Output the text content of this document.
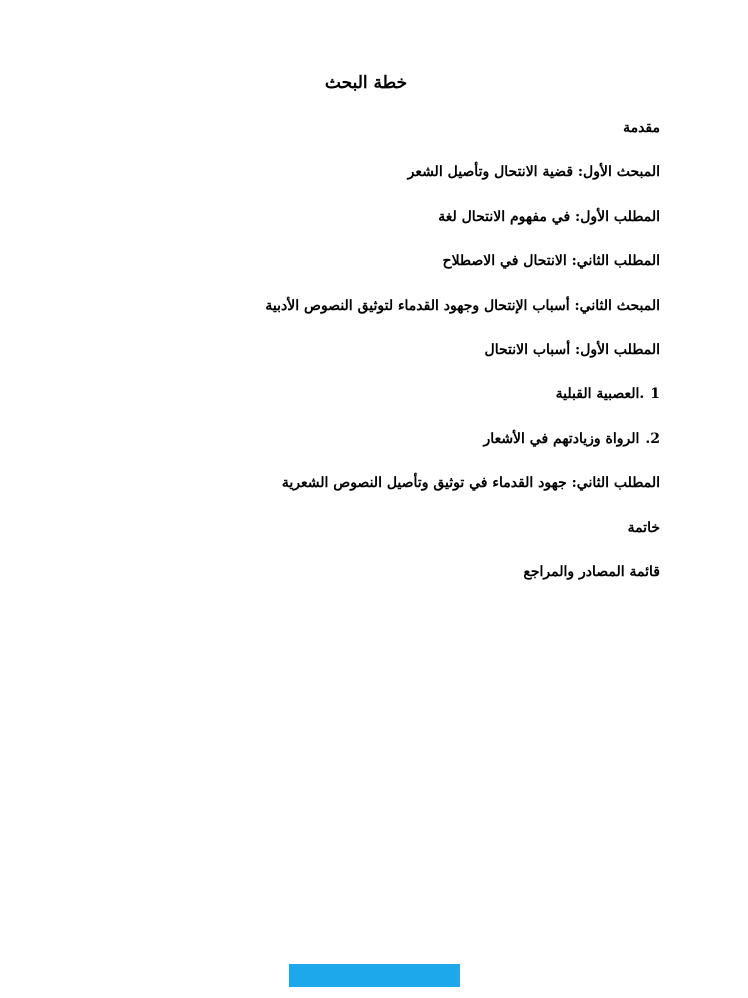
خطة البحث
مقدمة
المبحث الأول: قضية الانتحال وتأصيل الشعر
المطلب الأول: في مفهوم الانتحال لغة
المطلب الثاني: الانتحال في الاصطلاح
المبحث الثاني: أسباب الإنتحال وجهود القدماء لتوثيق النصوص الأدبية
المطلب الأول: أسباب الانتحال
1.العصبية القبلية
2.الرواة وزيادتهم في الأشعار
المطلب الثاني: جهود القدماء في توثيق وتأصيل النصوص الشعرية
خاتمة
قائمة المصادر والمراجع
